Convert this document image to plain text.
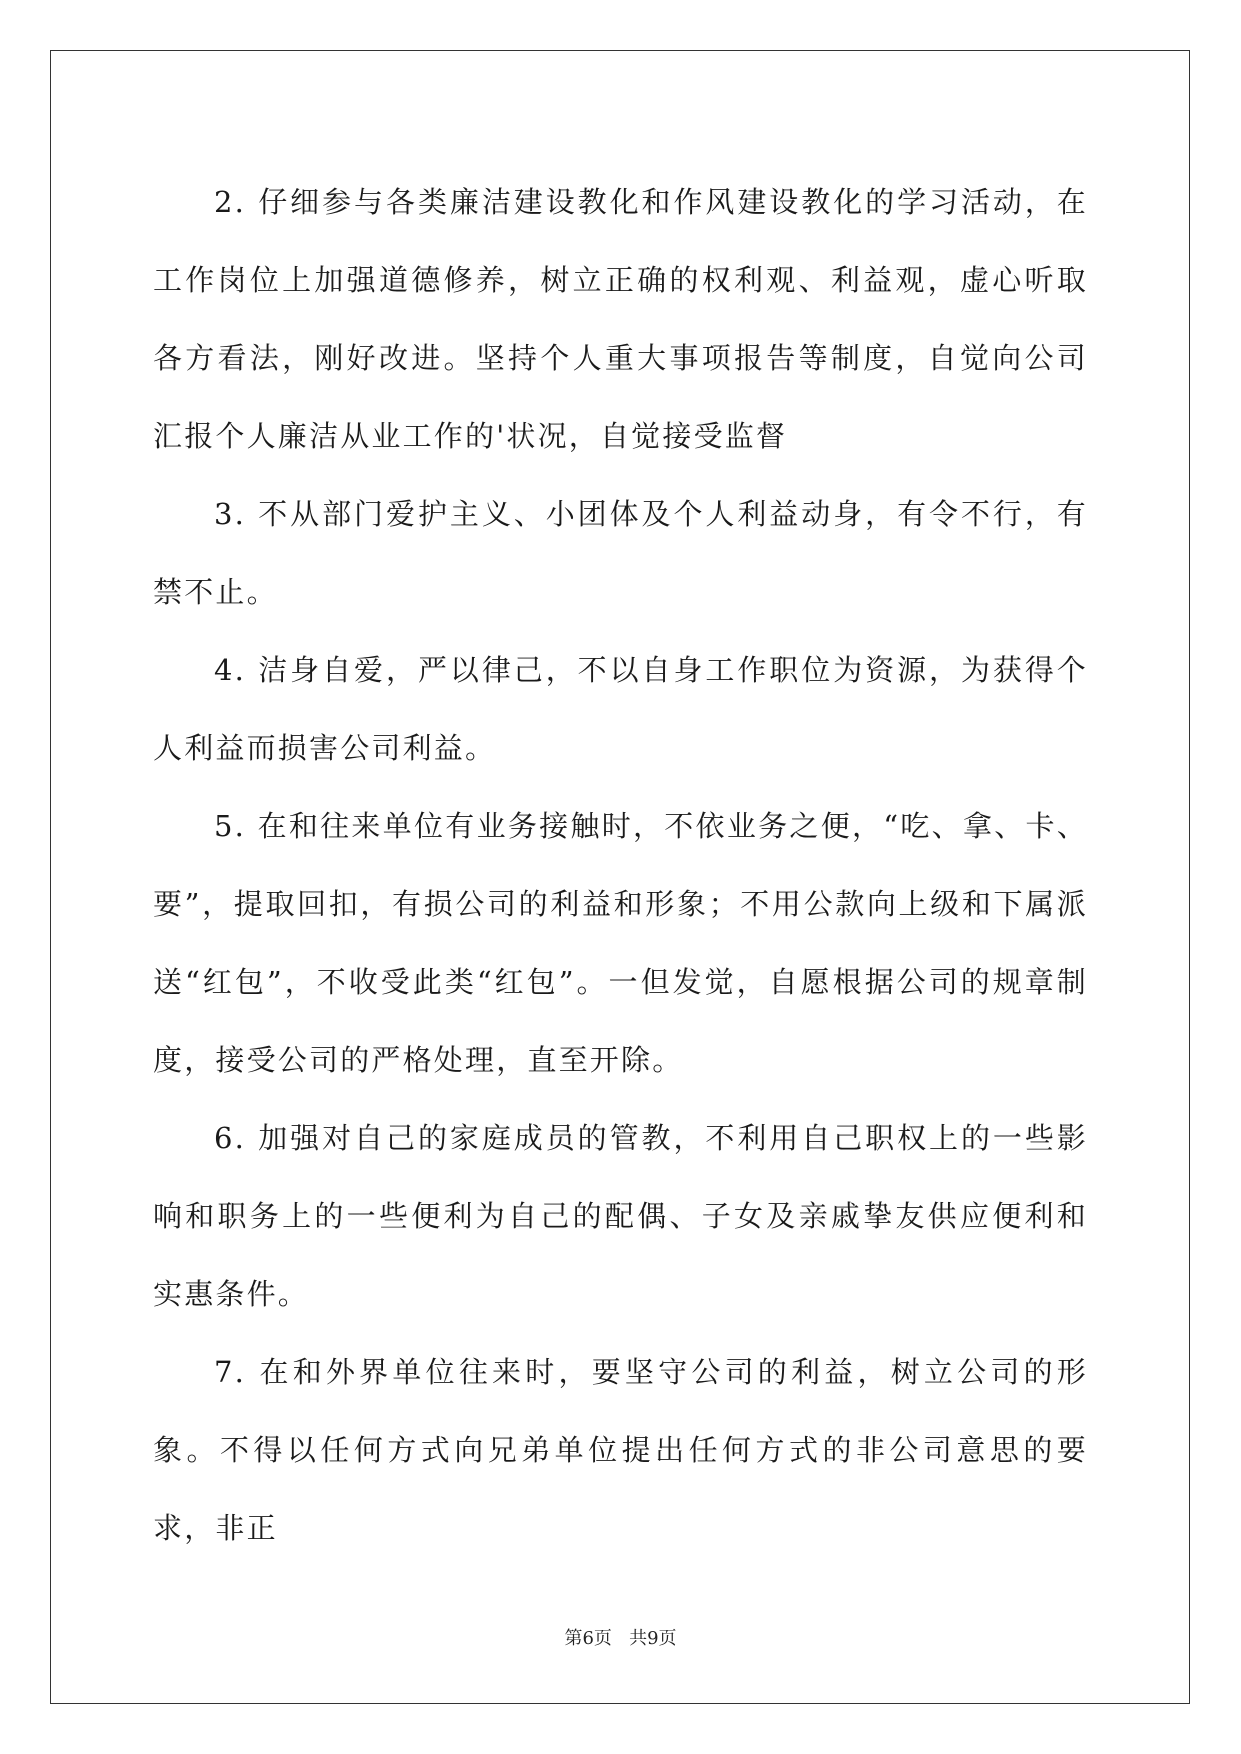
2. 仔细参与各类廉洁建设教化和作风建设教化的学习活动，在工作岗位上加强道德修养，树立正确的权利观、利益观，虚心听取各方看法，刚好改进。坚持个人重大事项报告等制度，自觉向公司汇报个人廉洁从业工作的'状况，自觉接受监督

3. 不从部门爱护主义、小团体及个人利益动身，有令不行，有禁不止。

4. 洁身自爱，严以律己，不以自身工作职位为资源，为获得个人利益而损害公司利益。

5. 在和往来单位有业务接触时，不依业务之便，“吃、拿、卡、要”，提取回扣，有损公司的利益和形象；不用公款向上级和下属派送“红包”，不收受此类“红包”。一但发觉，自愿根据公司的规章制度，接受公司的严格处理，直至开除。

6. 加强对自己的家庭成员的管教，不利用自己职权上的一些影响和职务上的一些便利为自己的配偶、子女及亲戚挚友供应便利和实惠条件。

7. 在和外界单位往来时，要坚守公司的利益，树立公司的形象。不得以任何方式向兄弟单位提出任何方式的非公司意思的要求，非正

第6页 共9页
